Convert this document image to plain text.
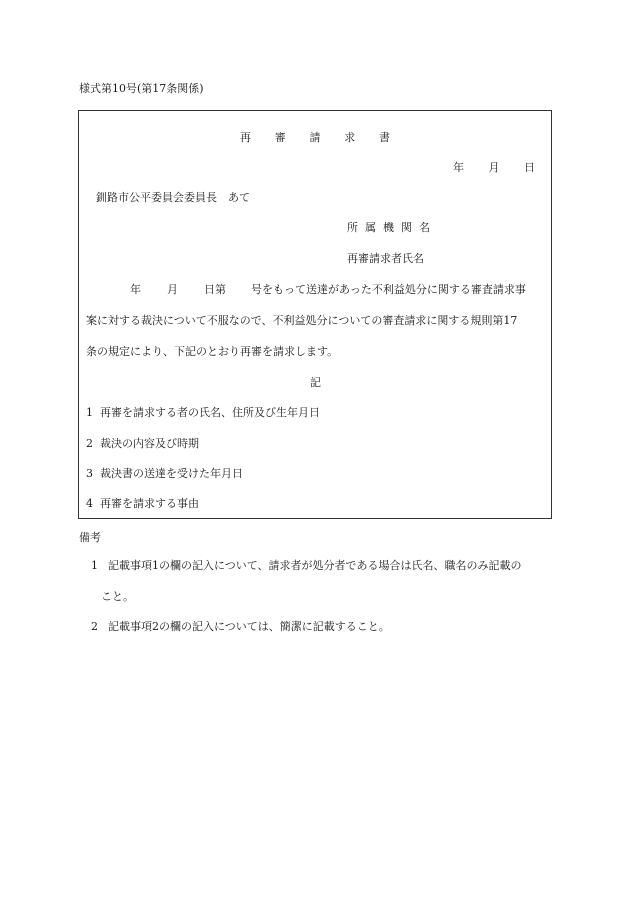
様式第10号(第17条関係)
再 審 請 求 書
年 月 日
釧路市公平委員会委員長　あて
所 属 機 関 名
再審請求者氏名
年 月 日第 号をもって送達があった不利益処分に関する審査請求事
案に対する裁決について不服なので、不利益処分についての審査請求に関する規則第17
条の規定により、下記のとおり再審を請求します。
記
1 再審を請求する者の氏名、住所及び生年月日
2 裁決の内容及び時期
3 裁決書の送達を受けた年月日
4 再審を請求する事由
備考
1 記載事項1の欄の記入について、請求者が処分者である場合は氏名、職名のみ記載の
こと。
2 記載事項2の欄の記入については、簡潔に記載すること。
